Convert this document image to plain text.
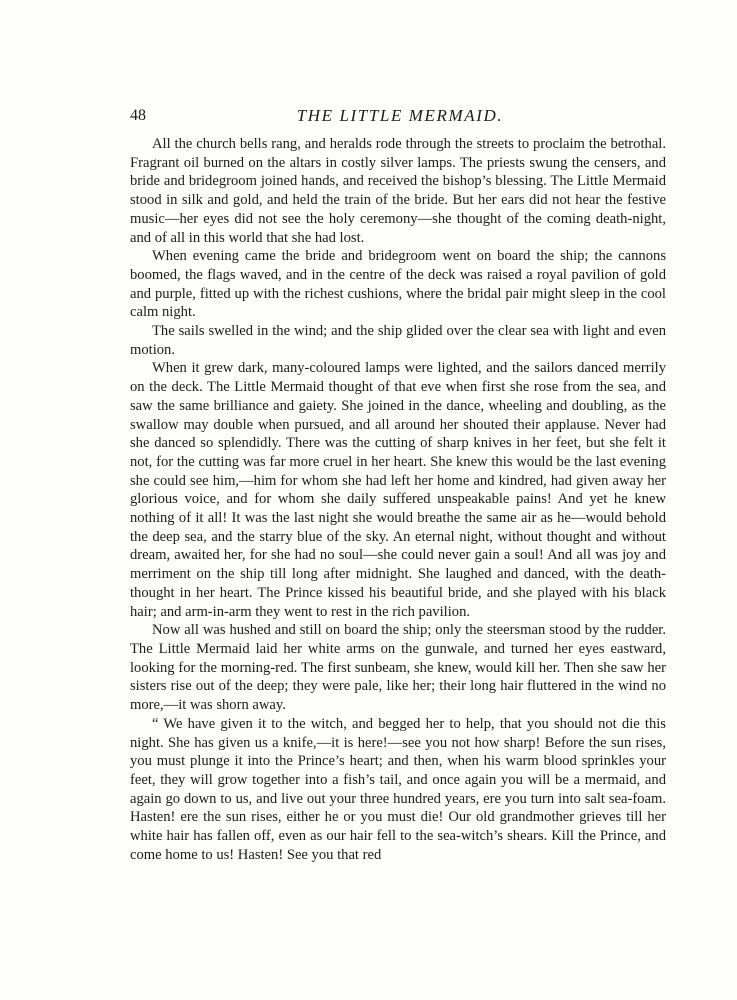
48	THE LITTLE MERMAID.

All the church bells rang, and heralds rode through the streets to proclaim the betrothal. Fragrant oil burned on the altars in costly silver lamps. The priests swung the censers, and bride and bridegroom joined hands, and received the bishop’s blessing. The Little Mermaid stood in silk and gold, and held the train of the bride. But her ears did not hear the festive music—her eyes did not see the holy ceremony—she thought of the coming death-night, and of all in this world that she had lost.

When evening came the bride and bridegroom went on board the ship; the cannons boomed, the flags waved, and in the centre of the deck was raised a royal pavilion of gold and purple, fitted up with the richest cushions, where the bridal pair might sleep in the cool calm night.

The sails swelled in the wind; and the ship glided over the clear sea with light and even motion.

When it grew dark, many-coloured lamps were lighted, and the sailors danced merrily on the deck. The Little Mermaid thought of that eve when first she rose from the sea, and saw the same brilliance and gaiety. She joined in the dance, wheeling and doubling, as the swallow may double when pursued, and all around her shouted their applause. Never had she danced so splendidly. There was the cutting of sharp knives in her feet, but she felt it not, for the cutting was far more cruel in her heart. She knew this would be the last evening she could see him,—him for whom she had left her home and kindred, had given away her glorious voice, and for whom she daily suffered unspeakable pains! And yet he knew nothing of it all! It was the last night she would breathe the same air as he—would behold the deep sea, and the starry blue of the sky. An eternal night, without thought and without dream, awaited her, for she had no soul—she could never gain a soul! And all was joy and merriment on the ship till long after midnight. She laughed and danced, with the death-thought in her heart. The Prince kissed his beautiful bride, and she played with his black hair; and arm-in-arm they went to rest in the rich pavilion.

Now all was hushed and still on board the ship; only the steersman stood by the rudder. The Little Mermaid laid her white arms on the gunwale, and turned her eyes eastward, looking for the morning-red. The first sunbeam, she knew, would kill her. Then she saw her sisters rise out of the deep; they were pale, like her; their long hair fluttered in the wind no more,—it was shorn away.

“ We have given it to the witch, and begged her to help, that you should not die this night. She has given us a knife,—it is here!—see you not how sharp! Before the sun rises, you must plunge it into the Prince’s heart; and then, when his warm blood sprinkles your feet, they will grow together into a fish’s tail, and once again you will be a mermaid, and again go down to us, and live out your three hundred years, ere you turn into salt sea-foam. Hasten! ere the sun rises, either he or you must die! Our old grandmother grieves till her white hair has fallen off, even as our hair fell to the sea-witch’s shears. Kill the Prince, and come home to us! Hasten! See you that red
